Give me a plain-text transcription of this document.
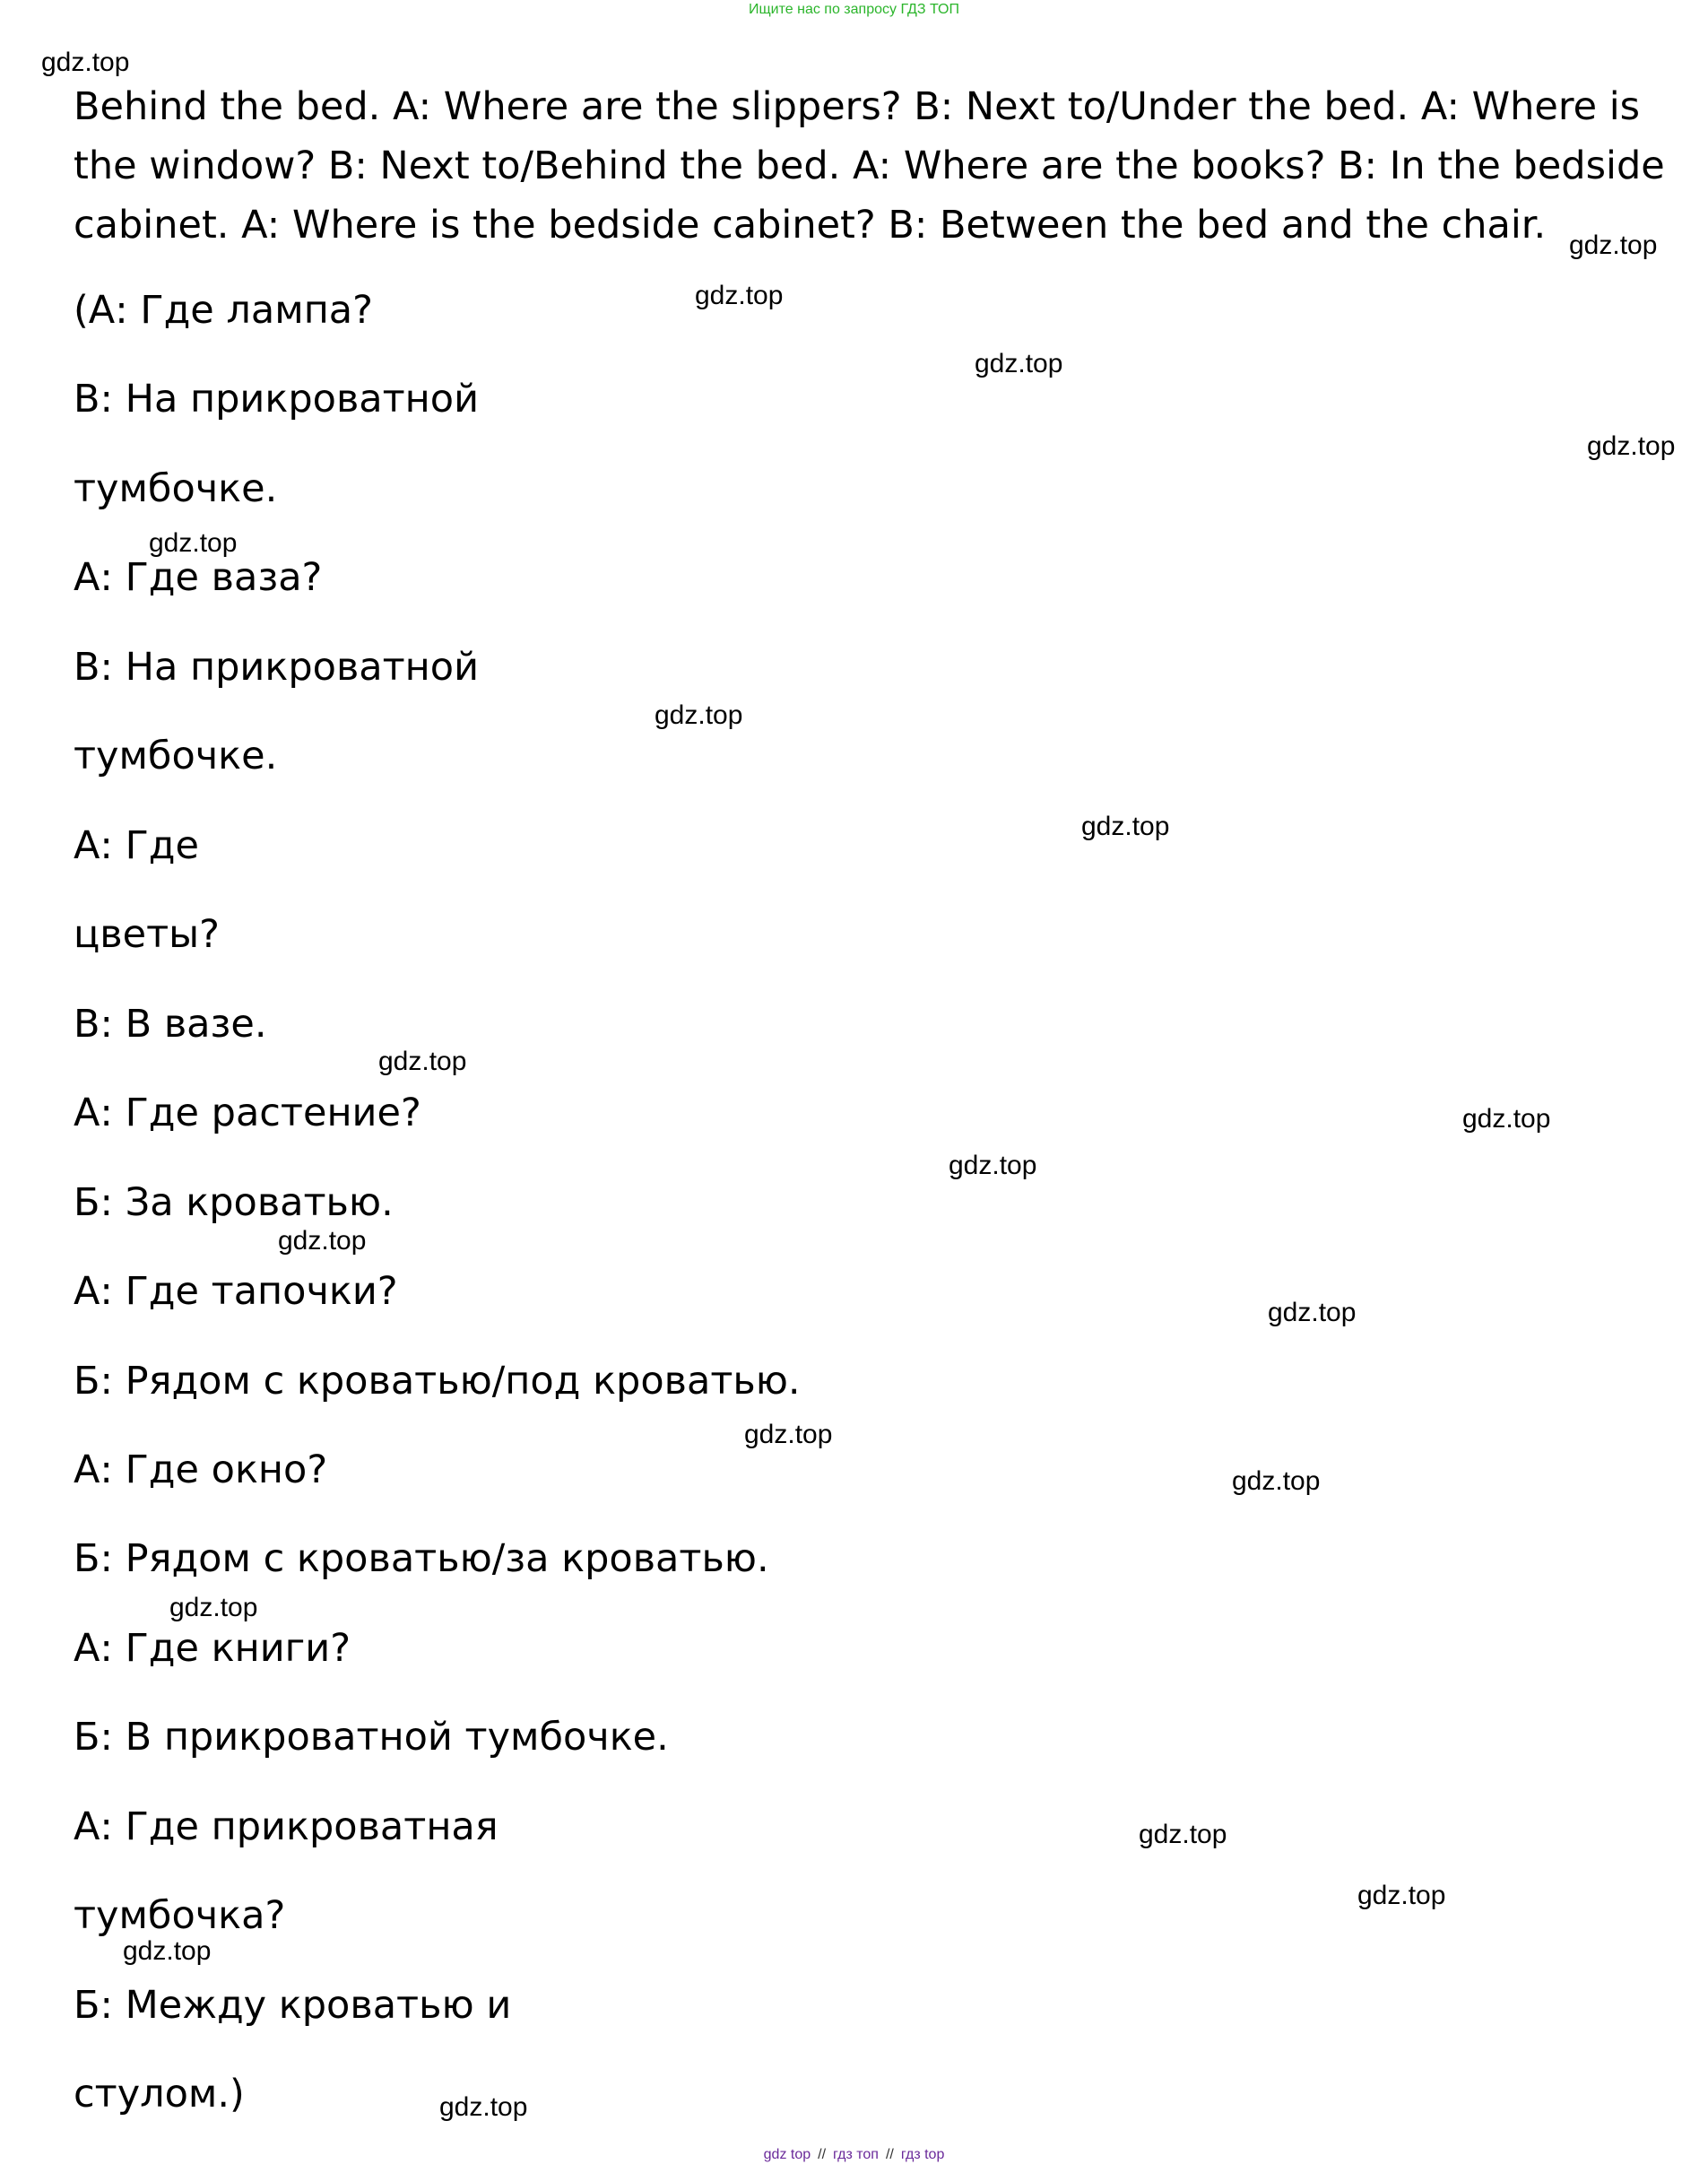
Ищите нас по запросу ГДЗ ТОП

Behind the bed. A: Where are the slippers? B: Next to/Under the bed. A: Where is the window? B: Next to/Behind the bed. A: Where are the books? B: In the bedside cabinet. A: Where is the bedside cabinet? B: Between the bed and the chair.

(А: Где лампа?

В: На прикроватной

тумбочке.

А: Где ваза?

В: На прикроватной

тумбочке.

А: Где

цветы?

В: В вазе.

А: Где растение?

Б: За кроватью.

А: Где тапочки?

Б: Рядом с кроватью/под кроватью.

А: Где окно?

Б: Рядом с кроватью/за кроватью.

А: Где книги?

Б: В прикроватной тумбочке.

А: Где прикроватная

тумбочка?

Б: Между кроватью и

стулом.)

gdz.top
gdz.top
gdz.top
gdz.top
gdz.top
gdz.top
gdz.top
gdz.top
gdz.top
gdz.top
gdz.top
gdz.top
gdz.top
gdz.top
gdz.top
gdz.top
gdz.top
gdz.top
gdz.top
gdz.top
gdz top // гдз топ // гдз top
